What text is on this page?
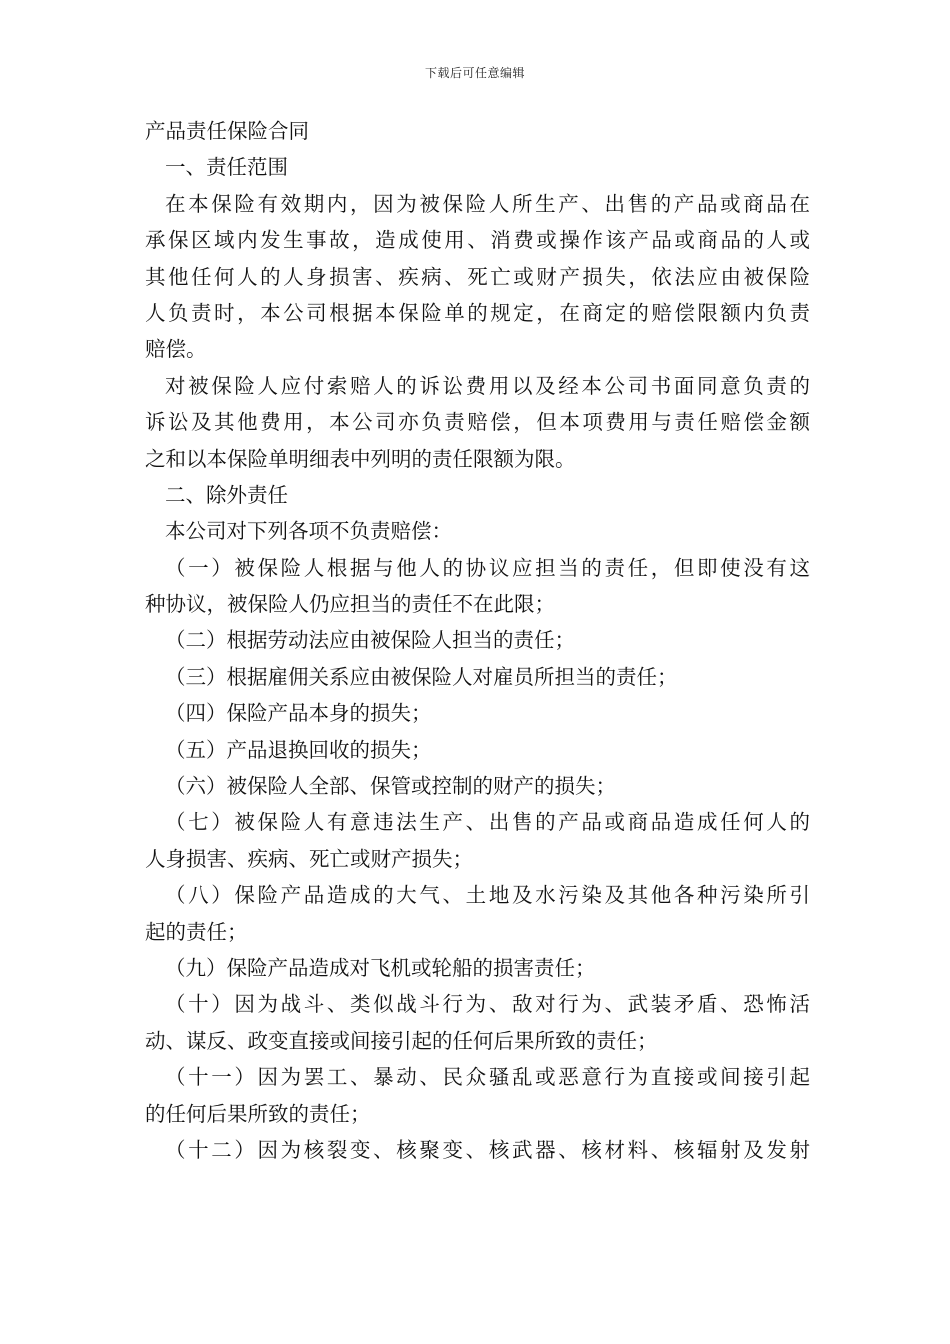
下载后可任意编辑
产品责任保险合同
一、责任范围
在本保险有效期内，因为被保险人所生产、出售的产品或商品在
承保区域内发生事故，造成使用、消费或操作该产品或商品的人或
其他任何人的人身损害、疾病、死亡或财产损失，依法应由被保险
人负责时，本公司根据本保险单的规定，在商定的赔偿限额内负责
赔偿。
对被保险人应付索赔人的诉讼费用以及经本公司书面同意负责的
诉讼及其他费用，本公司亦负责赔偿，但本项费用与责任赔偿金额
之和以本保险单明细表中列明的责任限额为限。
二、除外责任
本公司对下列各项不负责赔偿：
（一）被保险人根据与他人的协议应担当的责任，但即使没有这
种协议，被保险人仍应担当的责任不在此限；
（二）根据劳动法应由被保险人担当的责任；
（三）根据雇佣关系应由被保险人对雇员所担当的责任；
（四）保险产品本身的损失；
（五）产品退换回收的损失；
（六）被保险人全部、保管或控制的财产的损失；
（七）被保险人有意违法生产、出售的产品或商品造成任何人的
人身损害、疾病、死亡或财产损失；
（八）保险产品造成的大气、土地及水污染及其他各种污染所引
起的责任；
（九）保险产品造成对飞机或轮船的损害责任；
（十）因为战斗、类似战斗行为、敌对行为、武装矛盾、恐怖活
动、谋反、政变直接或间接引起的任何后果所致的责任；
（十一）因为罢工、暴动、民众骚乱或恶意行为直接或间接引起
的任何后果所致的责任；
（十二）因为核裂变、核聚变、核武器、核材料、核辐射及发射
